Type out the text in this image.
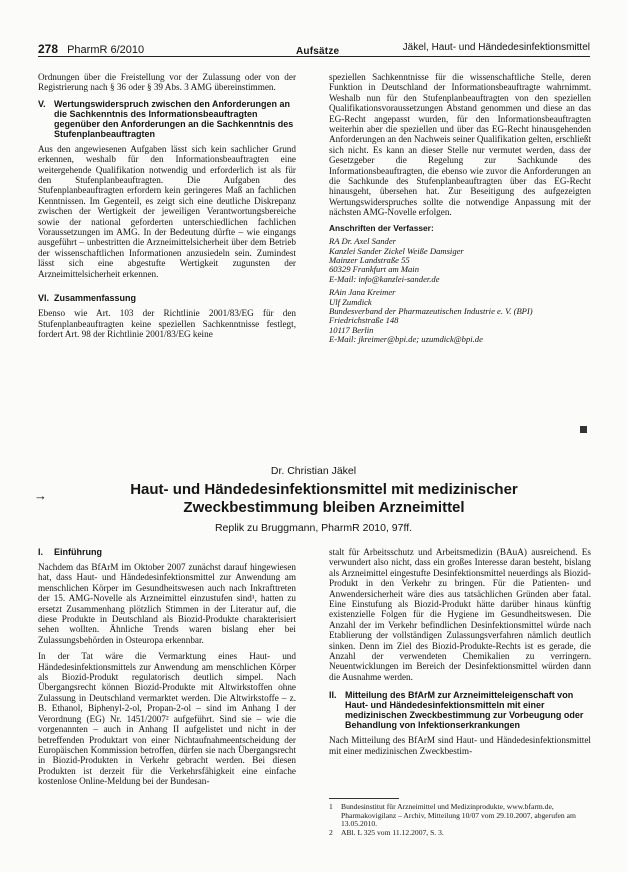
278 PharmR 6/2010	Aufsätze	Jäkel, Haut- und Händedesinfektionsmittel

Ordnungen über die Freistellung vor der Zulassung oder von der Registrierung nach § 36 oder § 39 Abs. 3 AMG übereinstimmen.

V. Wertungswiderspruch zwischen den Anforderungen an die Sachkenntnis des Informationsbeauftragten gegenüber den Anforderungen an die Sachkenntnis des Stufenplanbeauftragten

Aus den angewiesenen Aufgaben lässt sich kein sachlicher Grund erkennen, weshalb für den Informationsbeauftragten eine weitergehende Qualifikation notwendig und erforderlich ist als für den Stufenplanbeauftragten. Die Aufgaben des Stufenplanbeauftragten erfordern kein geringeres Maß an fachlichen Kenntnissen. Im Gegenteil, es zeigt sich eine deutliche Diskrepanz zwischen der Wertigkeit der jeweiligen Verantwortungsbereiche sowie der national geforderten unterschiedlichen fachlichen Voraussetzungen im AMG. In der Bedeutung dürfte – wie eingangs ausgeführt – unbestritten die Arzneimittelsicherheit über dem Betrieb der wissenschaftlichen Informationen anzusiedeln sein. Zumindest lässt sich eine abgestufte Wertigkeit zugunsten der Arzneimittelsicherheit erkennen.

VI. Zusammenfassung

Ebenso wie Art. 103 der Richtlinie 2001/83/EG für den Stufenplanbeauftragten keine speziellen Sachkenntnisse festlegt, fordert Art. 98 der Richtlinie 2001/83/EG keine

speziellen Sachkenntnisse für die wissenschaftliche Stelle, deren Funktion in Deutschland der Informationsbeauftragte wahrnimmt. Weshalb nun für den Stufenplanbeauftragten von den speziellen Qualifikationsvoraussetzungen Abstand genommen und diese an das EG-Recht angepasst wurden, für den Informationsbeauftragten weiterhin aber die speziellen und über das EG-Recht hinausgehenden Anforderungen an den Nachweis seiner Qualifikation gelten, erschließt sich nicht. Es kann an dieser Stelle nur vermutet werden, dass der Gesetzgeber die Regelung zur Sachkunde des Informationsbeauftragten, die ebenso wie zuvor die Anforderungen an die Sachkunde des Stufenplanbeauftragten über das EG-Recht hinausgeht, übersehen hat. Zur Beseitigung des aufgezeigten Wertungswiderspruches sollte die notwendige Anpassung mit der nächsten AMG-Novelle erfolgen.

Anschriften der Verfasser:
RA Dr. Axel Sander
Kanzlei Sander Zickel Weiße Damsiger
Mainzer Landstraße 55
60329 Frankfurt am Main
E-Mail: info@kanzlei-sander.de
RAin Jana Kreimer
Ulf Zumdick
Bundesverband der Pharmazeutischen Industrie e. V. (BPI)
Friedrichstraße 148
10117 Berlin
E-Mail: jkreimer@bpi.de; uzumdick@bpi.de
Dr. Christian Jäkel
→	Haut- und Händedesinfektionsmittel mit medizinischer Zweckbestimmung bleiben Arzneimittel
Replik zu Bruggmann, PharmR 2010, 97ff.
I.	Einführung

Nachdem das BfArM im Oktober 2007 zunächst darauf hingewiesen hat, dass Haut- und Händedesinfektionsmittel zur Anwendung am menschlichen Körper im Gesundheitswesen auch nach Inkrafttreten der 15. AMG-Novelle als Arzneimittel einzustufen sind¹, hatten zu ersetzt Zusammenhang plötzlich Stimmen in der Literatur auf, die diese Produkte in Deutschland als Biozid-Produkte charakterisiert sehen wollten. Ähnliche Trends waren bislang eher bei Zulassungsbehörden in Osteuropa erkennbar.

In der Tat wäre die Vermarktung eines Haut- und Händedesinfektionsmittels zur Anwendung am menschlichen Körper als Biozid-Produkt regulatorisch deutlich simpel. Nach Übergangsrecht können Biozid-Produkte mit Altwirkstoffen ohne Zulassung in Deutschland vermarktet werden. Die Altwirkstoffe – z. B. Ethanol, Biphenyl-2-ol, Propan-2-ol – sind im Anhang I der Verordnung (EG) Nr. 1451/2007² aufgeführt. Sind sie – wie die vorgenannten – auch in Anhang II aufgelistet und nicht in der betreffenden Produktart von einer Nichtaufnahmeentscheidung der Europäischen Kommission betroffen, dürfen sie nach Übergangsrecht in Biozid-Produkten in Verkehr gebracht werden. Bei diesen Produkten ist derzeit für die Verkehrsfähigkeit eine einfache kostenlose Online-Meldung bei der Bundesan-

stalt für Arbeitsschutz und Arbeitsmedizin (BAuA) ausreichend. Es verwundert also nicht, dass ein großes Interesse daran besteht, bislang als Arzneimittel eingestufte Desinfektionsmittel neuerdings als Biozid-Produkt in den Verkehr zu bringen. Für die Patienten- und Anwendersicherheit wäre dies aus tatsächlichen Gründen aber fatal. Eine Einstufung als Biozid-Produkt hätte darüber hinaus künftig existenzielle Folgen für die Hygiene im Gesundheitswesen. Die Anzahl der im Verkehr befindlichen Desinfektionsmittel würde nach Etablierung der vollständigen Zulassungsverfahren nämlich deutlich sinken. Denn im Ziel des Biozid-Produkte-Rechts ist es gerade, die Anzahl der verwendeten Chemikalien zu verringern. Neuentwicklungen im Bereich der Desinfektionsmittel würden dann die Ausnahme werden.

II. Mitteilung des BfArM zur Arzneimitteleigenschaft von Haut- und Händedesinfektionsmitteln mit einer medizinischen Zweckbestimmung zur Vorbeugung oder Behandlung von Infektionserkrankungen

Nach Mitteilung des BfArM sind Haut- und Händedesinfektionsmittel mit einer medizinischen Zweckbestim-

1	Bundesinstitut für Arzneimittel und Medizinprodukte, www.bfarm.de, Pharmakovigilanz – Archiv, Mitteilung 10/07 vom 29.10.2007, abgerufen am 13.05.2010.
2	ABl. L 325 vom 11.12.2007, S. 3.
